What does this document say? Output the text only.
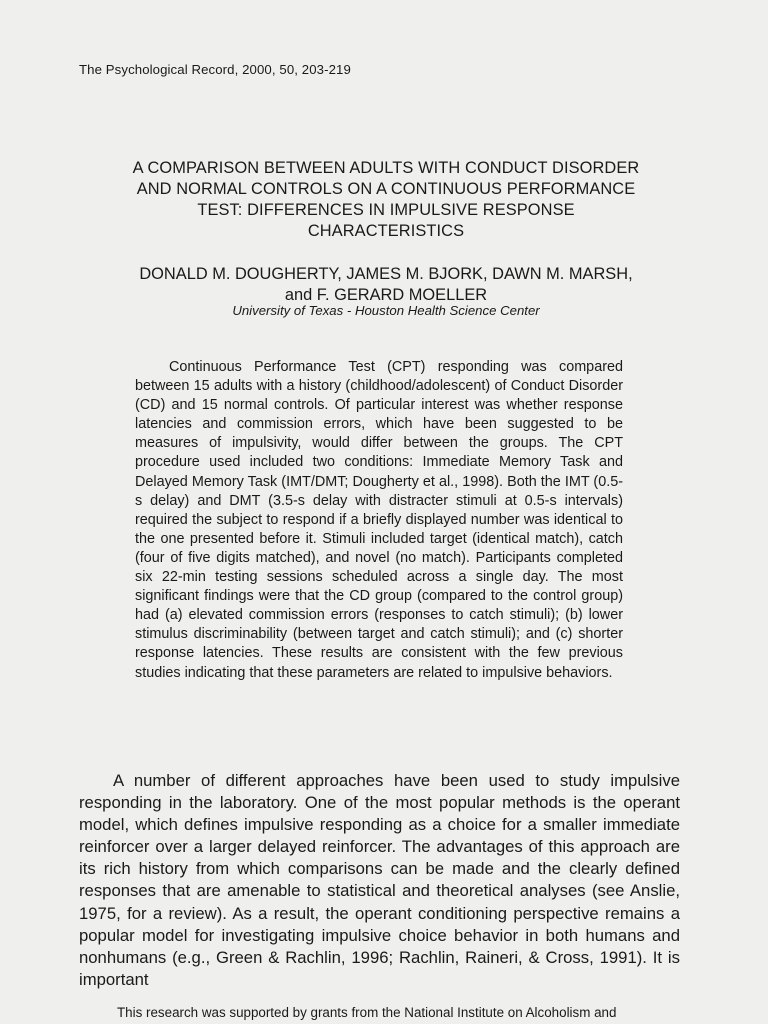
The Psychological Record, 2000, 50, 203-219
A COMPARISON BETWEEN ADULTS WITH CONDUCT DISORDER
AND NORMAL CONTROLS ON A CONTINUOUS PERFORMANCE
TEST: DIFFERENCES IN IMPULSIVE RESPONSE
CHARACTERISTICS
DONALD M. DOUGHERTY, JAMES M. BJORK, DAWN M. MARSH,
and F. GERARD MOELLER
University of Texas - Houston Health Science Center

Continuous Performance Test (CPT) responding was compared between 15 adults with a history (childhood/adolescent) of Conduct Disorder (CD) and 15 normal controls. Of particular interest was whether response latencies and commission errors, which have been suggested to be measures of impulsivity, would differ between the groups. The CPT procedure used included two conditions: Immediate Memory Task and Delayed Memory Task (IMT/DMT; Dougherty et al., 1998). Both the IMT (0.5-s delay) and DMT (3.5-s delay with distracter stimuli at 0.5-s intervals) required the subject to respond if a briefly displayed number was identical to the one presented before it. Stimuli included target (identical match), catch (four of five digits matched), and novel (no match). Participants completed six 22-min testing sessions scheduled across a single day. The most significant findings were that the CD group (compared to the control group) had (a) elevated commission errors (responses to catch stimuli); (b) lower stimulus discriminability (between target and catch stimuli); and (c) shorter response latencies. These results are consistent with the few previous studies indicating that these parameters are related to impulsive behaviors.

A number of different approaches have been used to study impulsive responding in the laboratory. One of the most popular methods is the operant model, which defines impulsive responding as a choice for a smaller immediate reinforcer over a larger delayed reinforcer. The advantages of this approach are its rich history from which comparisons can be made and the clearly defined responses that are amenable to statistical and theoretical analyses (see Anslie, 1975, for a review). As a result, the operant conditioning perspective remains a popular model for investigating impulsive choice behavior in both humans and nonhumans (e.g., Green & Rachlin, 1996; Rachlin, Raineri, & Cross, 1991). It is important

This research was supported by grants from the National Institute on Alcoholism and
